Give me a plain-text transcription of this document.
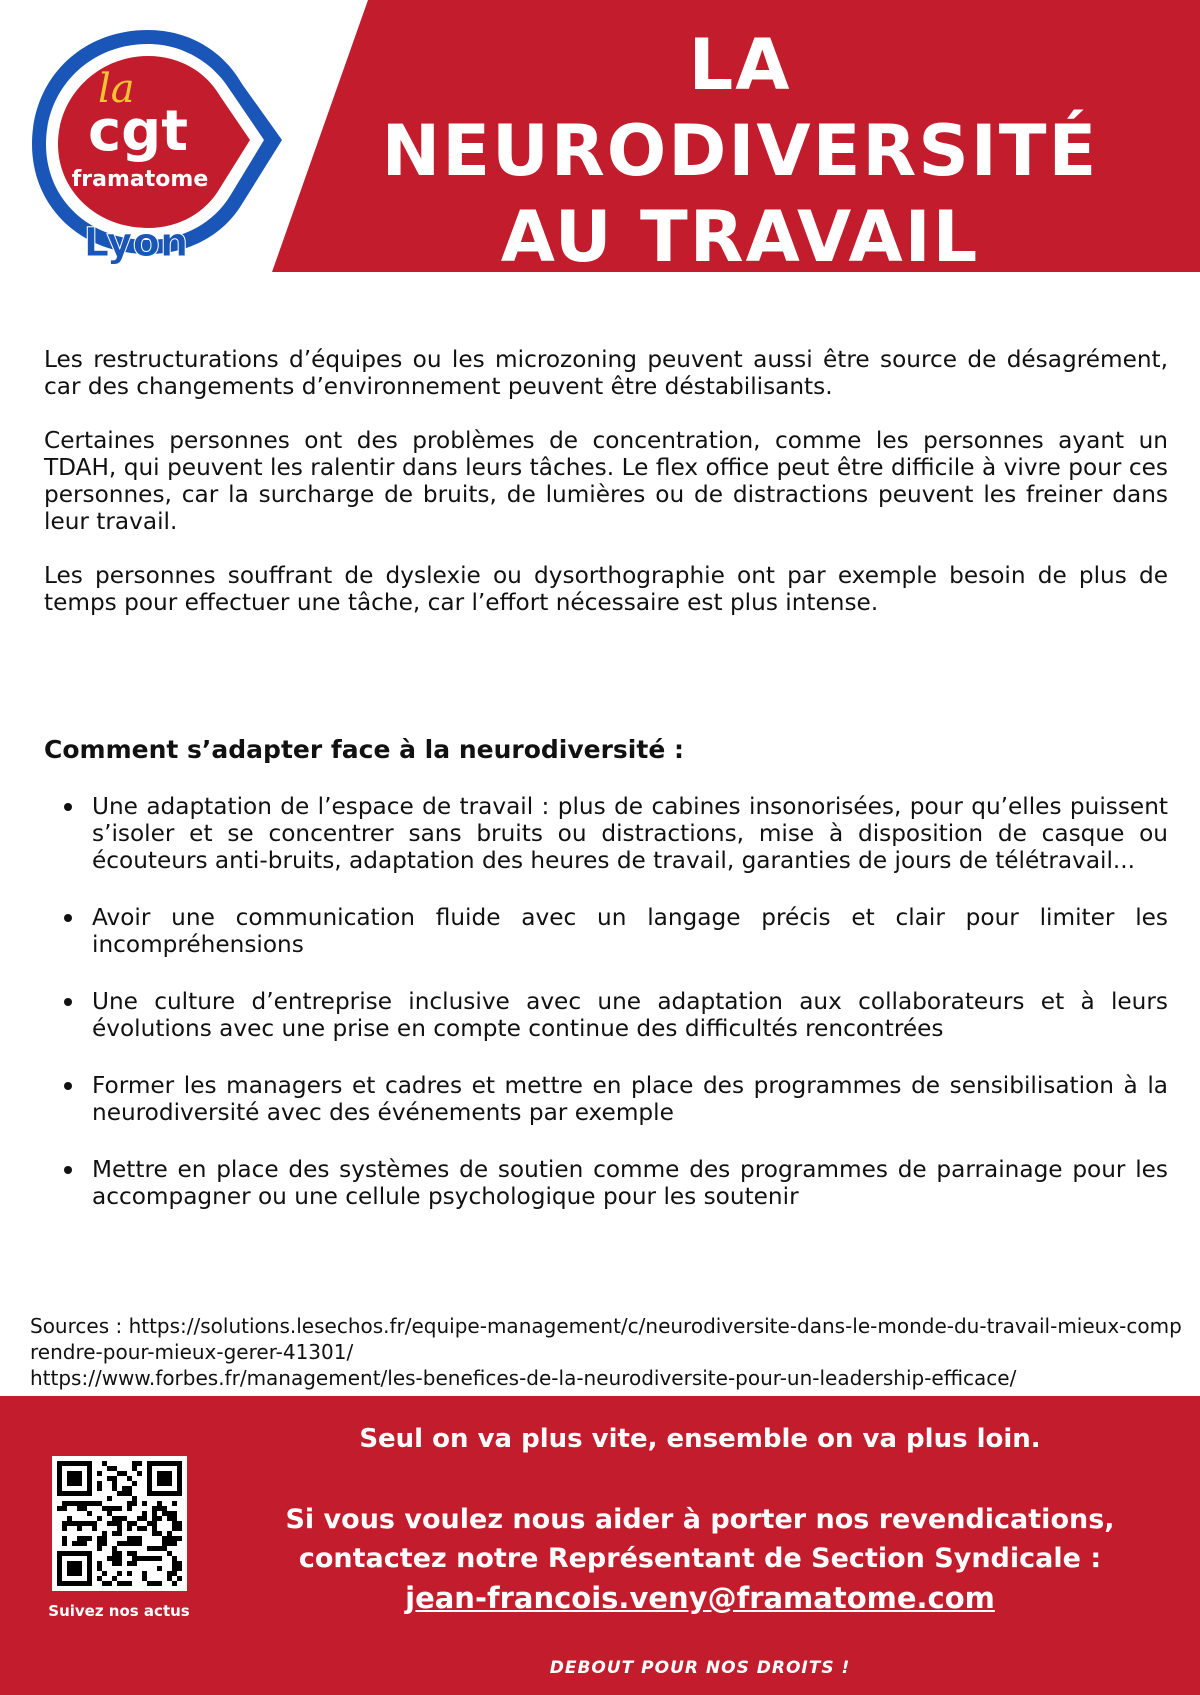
LA
NEURODIVERSITÉ
AU TRAVAIL
la
cgt
framatome
Lyon

Les restructurations d’équipes ou les microzoning peuvent aussi être source de désagrément, car des changements d’environnement peuvent être déstabilisants.

Certaines personnes ont des problèmes de concentration, comme les personnes ayant un TDAH, qui peuvent les ralentir dans leurs tâches. Le flex office peut être difficile à vivre pour ces personnes, car la surcharge de bruits, de lumières ou de distractions peuvent les freiner dans leur travail.

Les personnes souffrant de dyslexie ou dysorthographie ont par exemple besoin de plus de temps pour effectuer une tâche, car l’effort nécessaire est plus intense.

Comment s’adapter face à la neurodiversité :
Une adaptation de l’espace de travail : plus de cabines insonorisées, pour qu’elles puissent s’isoler et se concentrer sans bruits ou distractions, mise à disposition de casque ou écouteurs anti-bruits, adaptation des heures de travail, garanties de jours de télétravail...
Avoir une communication fluide avec un langage précis et clair pour limiter les incompréhensions
Une culture d’entreprise inclusive avec une adaptation aux collaborateurs et à leurs évolutions avec une prise en compte continue des difficultés rencontrées
Former les managers et cadres et mettre en place des programmes de sensibilisation à la neurodiversité avec des événements par exemple
Mettre en place des systèmes de soutien comme des programmes de parrainage pour les accompagner ou une cellule psychologique pour les soutenir
Sources : https://solutions.lesechos.fr/equipe-management/c/neurodiversite-dans-le-monde-du-travail-mieux-comprendre-pour-mieux-gerer-41301/
https://www.forbes.fr/management/les-benefices-de-la-neurodiversite-pour-un-leadership-efficace/
Suivez nos actus
Seul on va plus vite, ensemble on va plus loin.
Si vous voulez nous aider à porter nos revendications,
contactez notre Représentant de Section Syndicale :
jean-francois.veny@framatome.com
DEBOUT POUR NOS DROITS !
